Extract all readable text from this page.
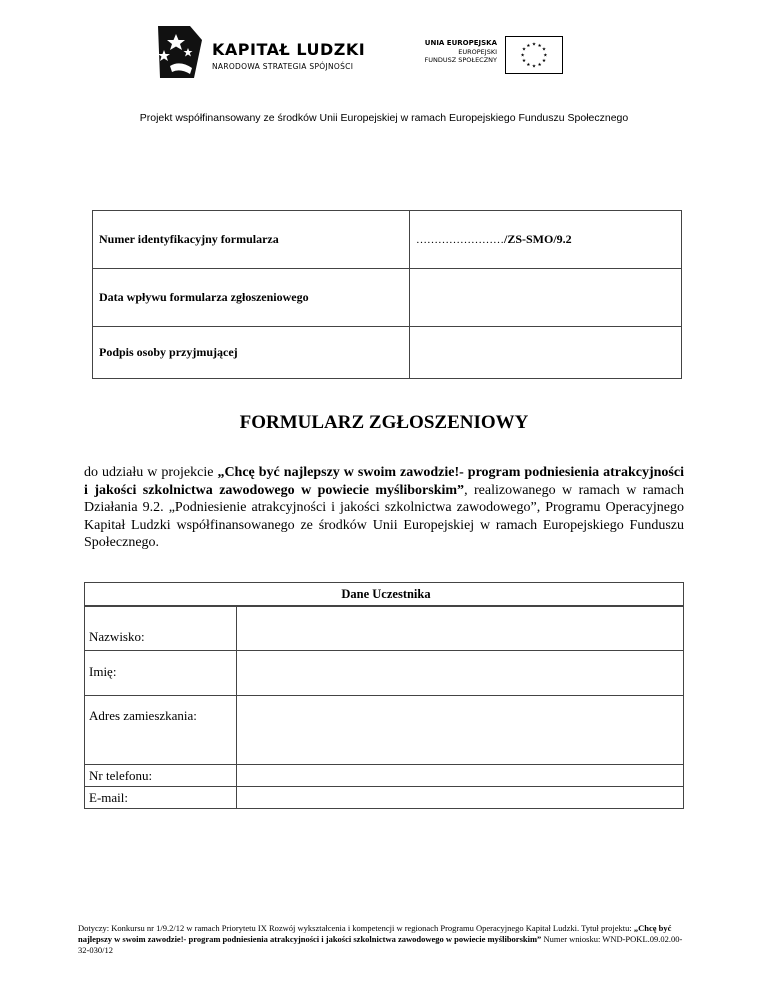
KAPITAŁ LUDZKI
NARODOWA STRATEGIA SPÓJNOŚCI
UNIA EUROPEJSKA
EUROPEJSKI
FUNDUSZ SPOŁECZNY
★ ★
★
★
★
★
★
★
★
★
★
★
Projekt współfinansowany ze środków Unii Europejskiej w ramach Europejskiego Funduszu Społecznego
Numer identyfikacyjny formularza	……………………/ZS-SMO/9.2
Data wpływu formularza zgłoszeniowego	
Podpis osoby przyjmującej	
FORMULARZ ZGŁOSZENIOWY
do udziału w projekcie „Chcę być najlepszy w swoim zawodzie!- program podniesienia atrakcyjności i jakości szkolnictwa zawodowego w powiecie myśliborskim”, realizowanego w ramach w ramach Działania 9.2. „Podniesienie atrakcyjności i jakości szkolnictwa zawodowego”, Programu Operacyjnego Kapitał Ludzki współfinansowanego ze środków Unii Europejskiej w ramach Europejskiego Funduszu Społecznego.
Dane Uczestnika	
Nazwisko:	
Imię:	
Adres zamieszkania:	
Nr telefonu:	
E-mail:	
Dotyczy: Konkursu nr 1/9.2/12 w ramach Priorytetu IX Rozwój wykształcenia i kompetencji w regionach Programu Operacyjnego Kapitał Ludzki. Tytuł projektu: „Chcę być najlepszy w swoim zawodzie!- program podniesienia atrakcyjności i jakości szkolnictwa zawodowego w powiecie myśliborskim” Numer wniosku: WND-POKL.09.02.00-32-030/12
